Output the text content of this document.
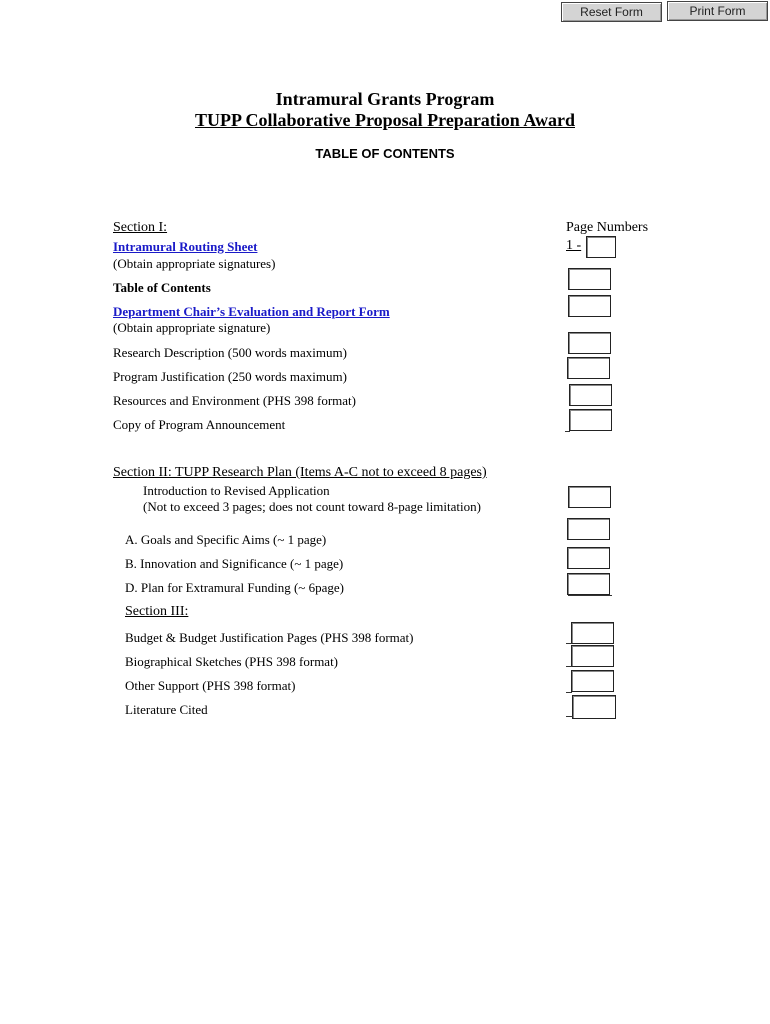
Reset Form	Print Form
Intramural Grants Program
TUPP Collaborative Proposal Preparation Award
TABLE OF CONTENTS
Section I:	Page Numbers
Intramural Routing Sheet	1 -
(Obtain appropriate signatures)
Table of Contents
Department Chair’s Evaluation and Report Form
(Obtain appropriate signature)
Research Description (500 words maximum)
Program Justification (250 words maximum)
Resources and Environment (PHS 398 format)
Copy of Program Announcement
Section II: TUPP Research Plan (Items A-C not to exceed 8 pages)
Introduction to Revised Application
(Not to exceed 3 pages; does not count toward 8-page limitation)
A. Goals and Specific Aims (~ 1 page)
B. Innovation and Significance (~ 1 page)
D. Plan for Extramural Funding (~ 6page)
Section III:
Budget & Budget Justification Pages (PHS 398 format)
Biographical Sketches (PHS 398 format)
Other Support (PHS 398 format)
Literature Cited
